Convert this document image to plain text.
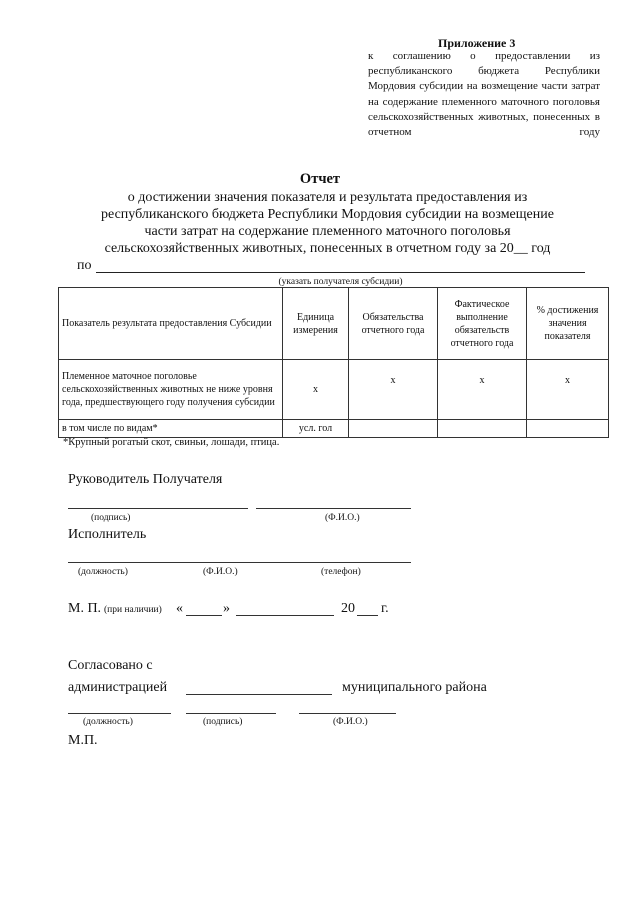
Приложение 3
к соглашению о предоставлении из республиканского бюджета Республики Мордовия субсидии на возмещение части затрат на содержание племенного маточного поголовья сельскохозяйственных животных, понесенных в отчетном году
Отчет
о достижении значения показателя и результата предоставления из
республиканского бюджета Республики Мордовия субсидии на возмещение
части затрат на содержание племенного маточного поголовья
сельскохозяйственных животных, понесенных в отчетном году за 20__ год
по
(указать получателя субсидии)
Показатель результата предоставления Субсидии	Единица измерения	Обязательства отчетного года	Фактическое выполнение обязательств отчетного года	% достижения значения показателя
Племенное маточное поголовье сельскохозяйственных животных не ниже уровня года, предшествующего году получения субсидии	х	х	х	х
в том числе по видам*	усл. гол			
*Крупный рогатый скот, свиньи, лошади, птица.
Руководитель Получателя
(подпись)	(Ф.И.О.)
Исполнитель
(должность)	(Ф.И.О.)	(телефон)
М. П. (при наличии) «	»	20 г.
Согласовано с
администрацией	муниципального района
(должность)	(подпись)	(Ф.И.О.)
М.П.
